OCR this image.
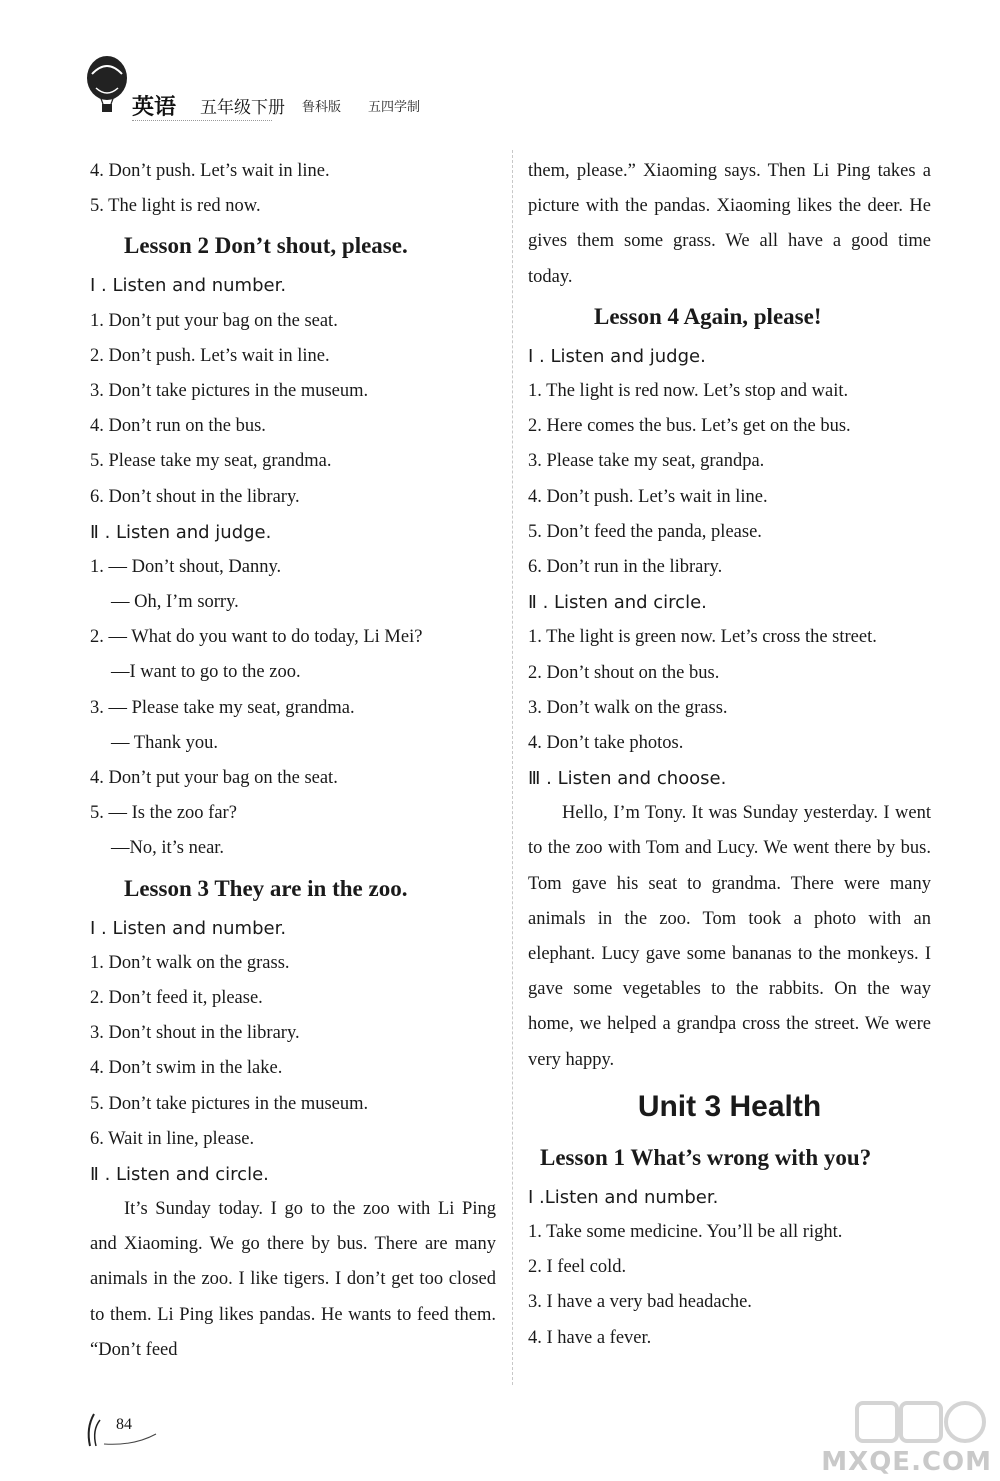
英语 五年级下册 鲁科版 五四学制
4. Don’t push. Let’s wait in line.
5. The light is red now.
Lesson 2 Don’t shout, please.
Ⅰ . Listen and number.
1. Don’t put your bag on the seat.
2. Don’t push. Let’s wait in line.
3. Don’t take pictures in the museum.
4. Don’t run on the bus.
5. Please take my seat, grandma.
6. Don’t shout in the library.
Ⅱ . Listen and judge.
1. — Don’t shout, Danny.
— Oh, I’m sorry.
2. — What do you want to do today, Li Mei?
—I want to go to the zoo.
3. — Please take my seat, grandma.
— Thank you.
4. Don’t put your bag on the seat.
5. — Is the zoo far?
—No, it’s near.
Lesson 3 They are in the zoo.
Ⅰ . Listen and number.
1. Don’t walk on the grass.
2. Don’t feed it, please.
3. Don’t shout in the library.
4. Don’t swim in the lake.
5. Don’t take pictures in the museum.
6. Wait in line, please.
Ⅱ . Listen and circle.
It’s Sunday today. I go to the zoo with Li Ping and Xiaoming. We go there by bus. There are many animals in the zoo. I like tigers. I don’t get too closed to them. Li Ping likes pandas. He wants to feed them. “Don’t feed
them, please.” Xiaoming says. Then Li Ping takes a picture with the pandas. Xiaoming likes the deer. He gives them some grass. We all have a good time today.
Lesson 4 Again, please!
Ⅰ . Listen and judge.
1. The light is red now. Let’s stop and wait.
2. Here comes the bus. Let’s get on the bus.
3. Please take my seat, grandpa.
4. Don’t push. Let’s wait in line.
5. Don’t feed the panda, please.
6. Don’t run in the library.
Ⅱ . Listen and circle.
1. The light is green now. Let’s cross the street.
2. Don’t shout on the bus.
3. Don’t walk on the grass.
4. Don’t take photos.
Ⅲ . Listen and choose.
Hello, I’m Tony. It was Sunday yesterday. I went to the zoo with Tom and Lucy. We went there by bus. Tom gave his seat to grandma. There were many animals in the zoo. Tom took a photo with an elephant. Lucy gave some bananas to the monkeys. I gave some vegetables to the rabbits. On the way home, we helped a grandpa cross the street. We were very happy.
Unit 3 Health
Lesson 1 What’s wrong with you?
Ⅰ .Listen and number.
1. Take some medicine. You’ll be all right.
2. I feel cold.
3. I have a very bad headache.
4. I have a fever.
84
MXQE.COM
